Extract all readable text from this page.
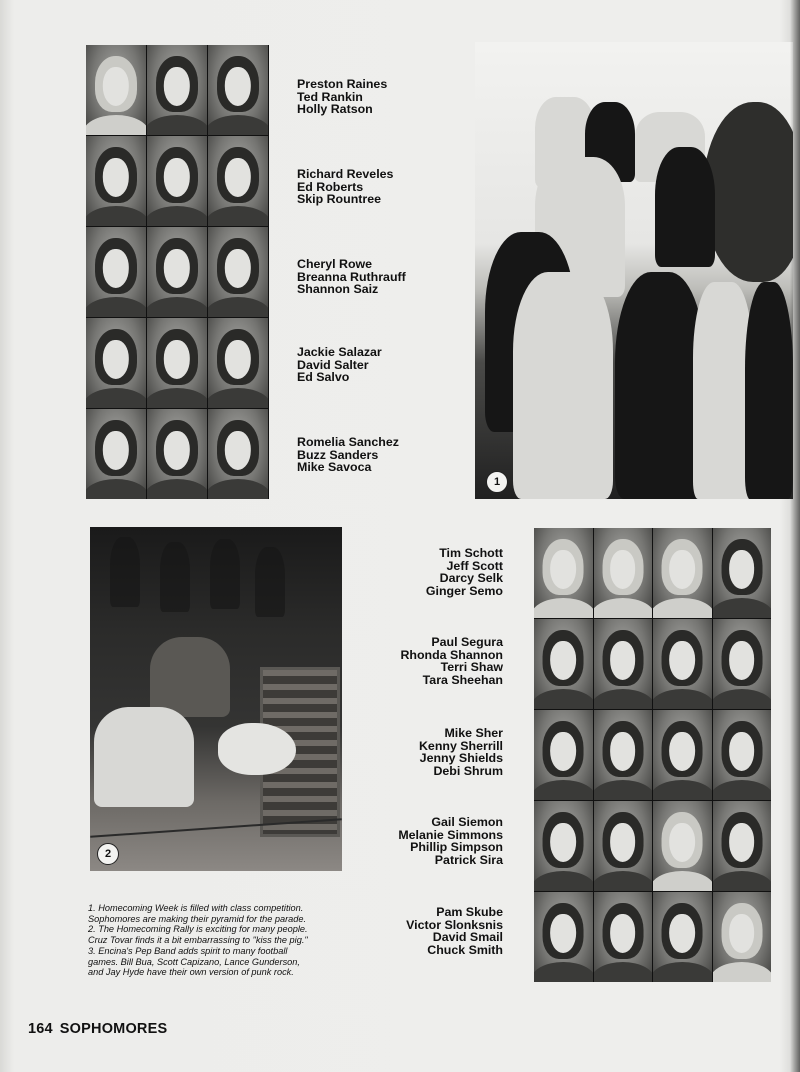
Preston Raines
Ted Rankin
Holly Ratson
Richard Reveles
Ed Roberts
Skip Rountree
Cheryl Rowe
Breanna Ruthrauff
Shannon Saiz
Jackie Salazar
David Salter
Ed Salvo
Romelia Sanchez
Buzz Sanders
Mike Savoca
1
2
Tim Schott
Jeff Scott
Darcy Selk
Ginger Semo
Paul Segura
Rhonda Shannon
Terri Shaw
Tara Sheehan
Mike Sher
Kenny Sherrill
Jenny Shields
Debi Shrum
Gail Siemon
Melanie Simmons
Phillip Simpson
Patrick Sira
Pam Skube
Victor Slonksnis
David Smail
Chuck Smith
1. Homecoming Week is filled with class competition.
Sophomores are making their pyramid for the parade.
2. The Homecoming Rally is exciting for many people.
Cruz Tovar finds it a bit embarrassing to "kiss the pig."
3. Encina's Pep Band adds spirit to many football
games. Bill Bua, Scott Capizano, Lance Gunderson,
and Jay Hyde have their own version of punk rock.
164 SOPHOMORES
